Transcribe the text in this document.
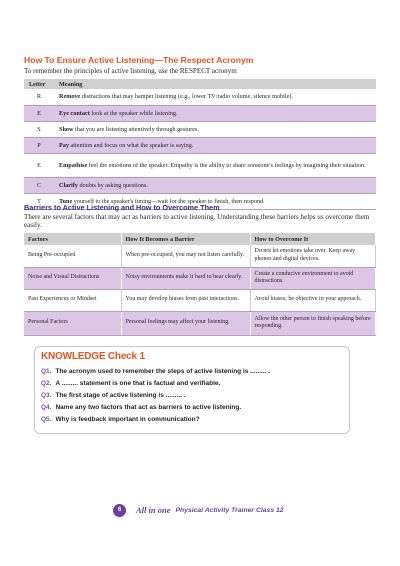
How To Ensure Active Listening—The Respect Acronym
To remember the principles of active listening, use the RESPECT acronym
Letter	Meaning
R	Remove distractions that may hamper listening (e.g., lower TV/radio volume, silence mobile).
E	Eye contact look at the speaker while listening.
S	Show that you are listening attentively through gestures.
P	Pay attention and focus on what the speaker is saying.
E	Empathise feel the emotions of the speaker. Empathy is the ability to share someone's feelings by imagining their situation.
C	Clarify doubts by asking questions.
T	Tune yourself to the speaker's timing—wait for the speaker to finish, then respond.
Barriers to Active Listening and How to Overcome Them
There are several factors that may act as barriers to active listening. Understanding these barriers helps us overcome them easily.
Factors	How It Becomes a Barrier	How to Overcome It
Being Pre-occupied	When pre-occupied, you may not listen carefully.	Do not let emotions take over. Keep away phones and digital devices.
Noise and Visual Distractions	Noisy environments make it hard to hear clearly.	Create a conducive environment to avoid distractions.
Past Experiences or Mindset	You may develop biases from past interactions.	Avoid biases; be objective in your approach.
Personal Factors	Personal feelings may affect your listening.	Allow the other person to finish speaking before responding.
KNOWLEDGE Check 1
Q1. The acronym used to remember the steps of active listening is ......... .
Q2. A ......... statement is one that is factual and verifiable.
Q3. The first stage of active listening is ......... .
Q4. Name any two factors that act as barriers to active listening.
Q5. Why is feedback important in communication?
6	All in one Physical Activity Trainer Class 12
